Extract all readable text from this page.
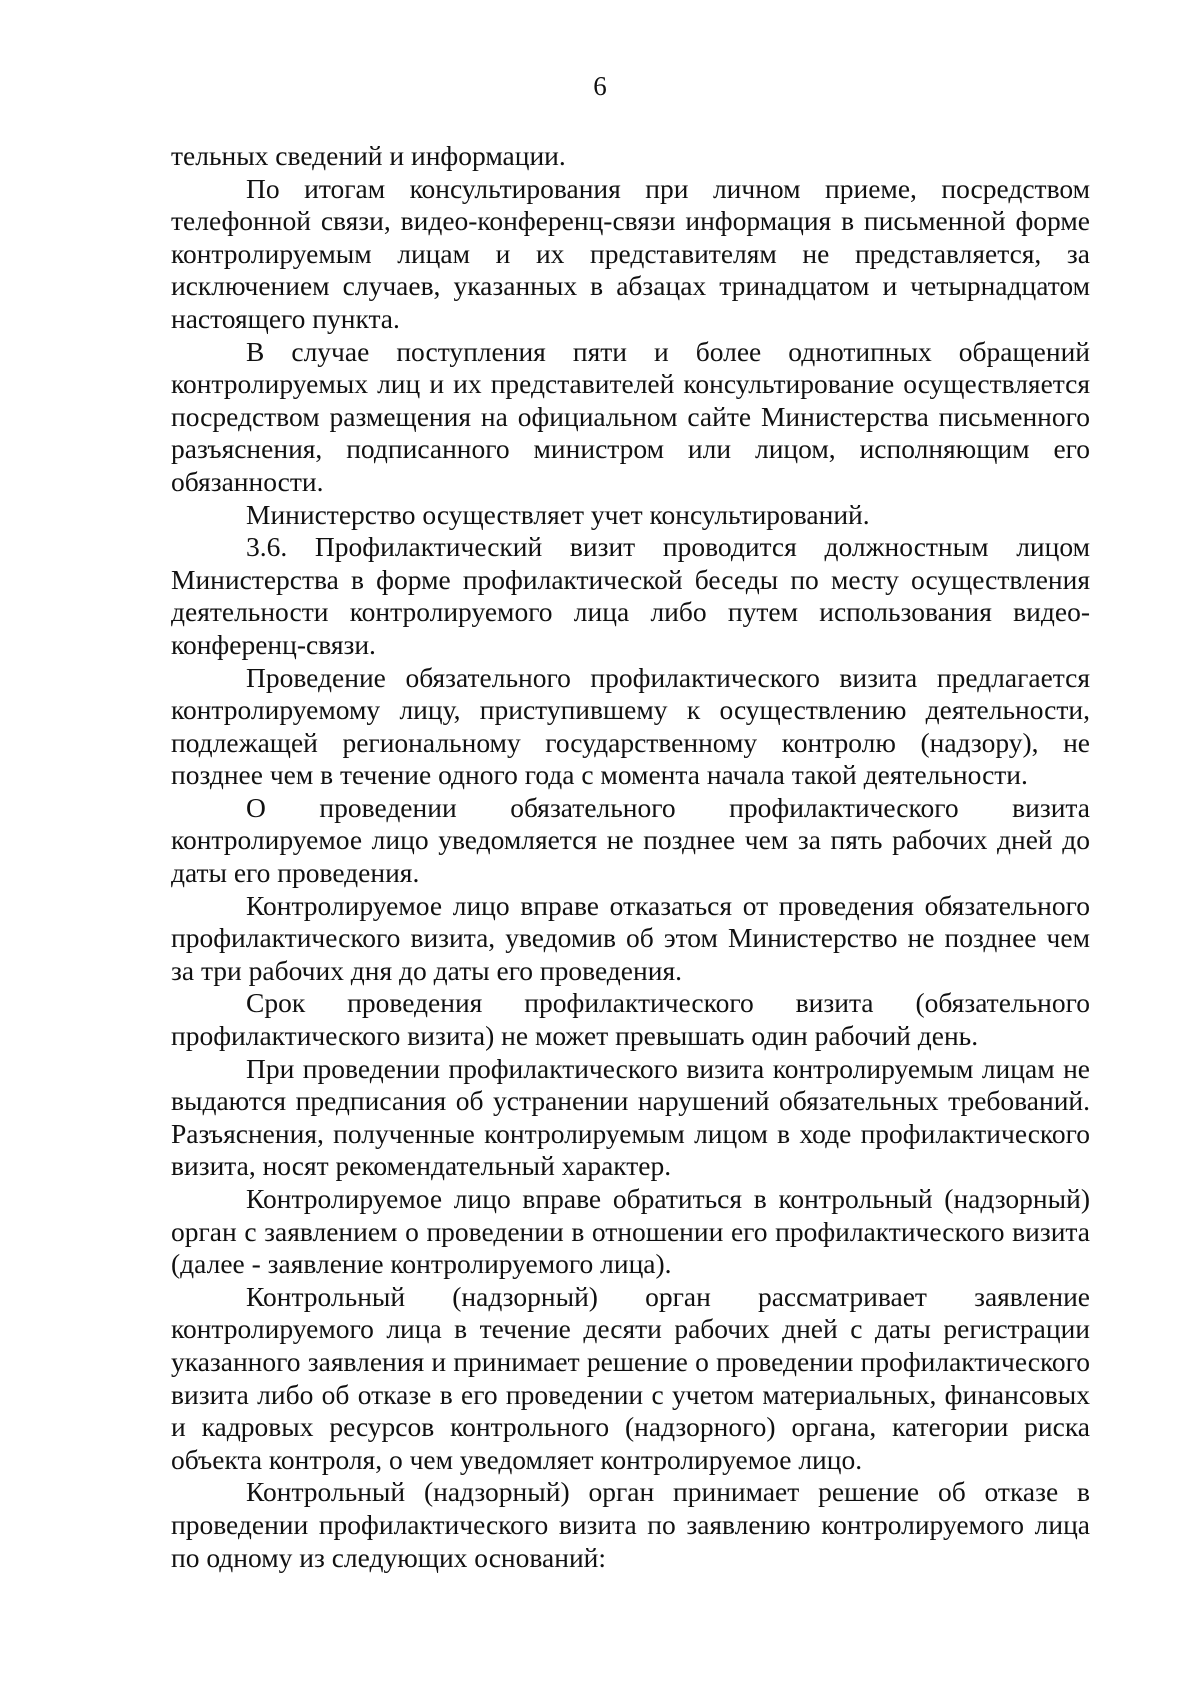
6

тельных сведений и информации.

По итогам консультирования при личном приеме, посредством телефонной связи, видео-конференц-связи информация в письменной форме контролируемым лицам и их представителям не представляется, за исключением случаев, указанных в абзацах тринадцатом и четырнадцатом настоящего пункта.

В случае поступления пяти и более однотипных обращений контролируемых лиц и их представителей консультирование осуществляется посредством размещения на официальном сайте Министерства письменного разъяснения, подписанного министром или лицом, исполняющим его обязанности.

Министерство осуществляет учет консультирований.

3.6. Профилактический визит проводится должностным лицом Министерства в форме профилактической беседы по месту осуществления деятельности контролируемого лица либо путем использования видео-конференц-связи.

Проведение обязательного профилактического визита предлагается контролируемому лицу, приступившему к осуществлению деятельности, подлежащей региональному государственному контролю (надзору), не позднее чем в течение одного года с момента начала такой деятельности.

О проведении обязательного профилактического визита контролируемое лицо уведомляется не позднее чем за пять рабочих дней до даты его проведения.

Контролируемое лицо вправе отказаться от проведения обязательного профилактического визита, уведомив об этом Министерство не позднее чем за три рабочих дня до даты его проведения.

Срок проведения профилактического визита (обязательного профилактического визита) не может превышать один рабочий день.

При проведении профилактического визита контролируемым лицам не выдаются предписания об устранении нарушений обязательных требований. Разъяснения, полученные контролируемым лицом в ходе профилактического визита, носят рекомендательный характер.

Контролируемое лицо вправе обратиться в контрольный (надзорный) орган с заявлением о проведении в отношении его профилактического визита (далее - заявление контролируемого лица).

Контрольный (надзорный) орган рассматривает заявление контролируемого лица в течение десяти рабочих дней с даты регистрации указанного заявления и принимает решение о проведении профилактического визита либо об отказе в его проведении с учетом материальных, финансовых и кадровых ресурсов контрольного (надзорного) органа, категории риска объекта контроля, о чем уведомляет контролируемое лицо.

Контрольный (надзорный) орган принимает решение об отказе в проведении профилактического визита по заявлению контролируемого лица по одному из следующих оснований:
